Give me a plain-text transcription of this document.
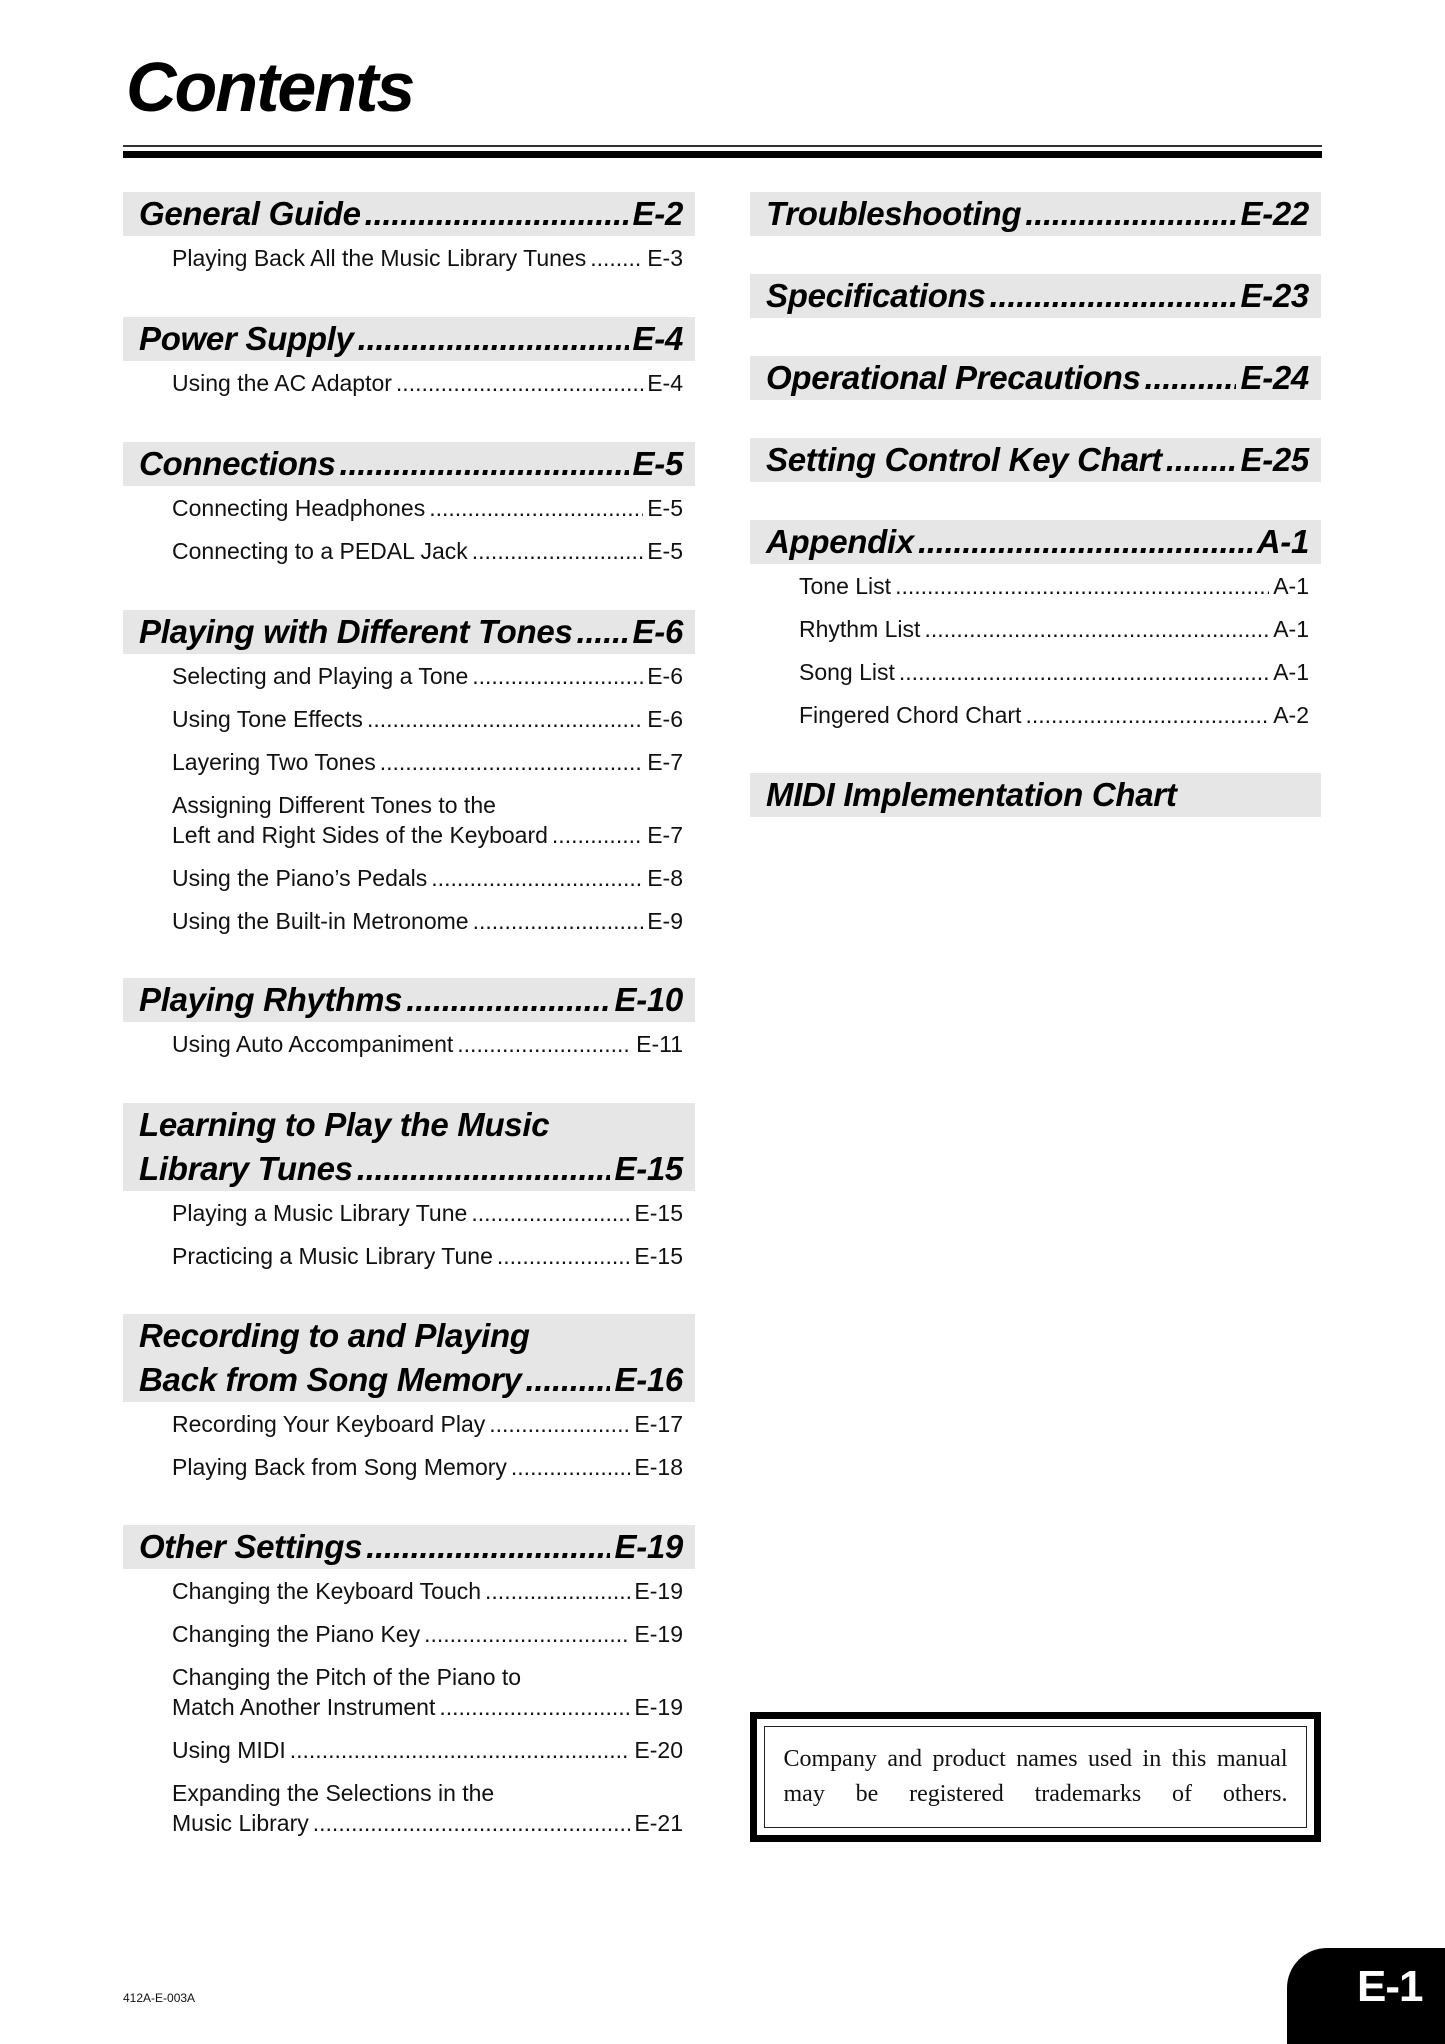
Contents
General Guide .....	E-2
Playing Back All the Music Library Tunes .....	E-3
Power Supply .....	E-4
Using the AC Adaptor .....	E-4
Connections .....	E-5
Connecting Headphones .....	E-5
Connecting to a PEDAL Jack .....	E-5
Playing with Different Tones ..... E-6
Selecting and Playing a Tone .....	E-6
Using Tone Effects .....	E-6
Layering Two Tones .....	E-7
Assigning Different Tones to the
Left and Right Sides of the Keyboard .....	E-7
Using the Piano’s Pedals .....	E-8
Using the Built-in Metronome .....	E-9
Playing Rhythms .....	E-10
Using Auto Accompaniment .....	E-11
Learning to Play the Music
Library Tunes .....	E-15
Playing a Music Library Tune .....	E-15
Practicing a Music Library Tune .....	E-15
Recording to and Playing
Back from Song Memory .....	E-16
Recording Your Keyboard Play .....	E-17
Playing Back from Song Memory .....	E-18
Other Settings .....	E-19
Changing the Keyboard Touch .....	E-19
Changing the Piano Key .....	E-19
Changing the Pitch of the Piano to
Match Another Instrument .....	E-19
Using MIDI .....	E-20
Expanding the Selections in the
Music Library .....	E-21
Troubleshooting .....	E-22
Specifications .....	E-23
Operational Precautions .....	E-24
Setting Control Key Chart ..... E-25
Appendix .....	A-1
Tone List .....	A-1
Rhythm List .....	A-1
Song List .....	A-1
Fingered Chord Chart .....	A-2
MIDI Implementation Chart
Company and product names used in this manual may be registered trademarks of others.
412A-E-003A	E-1
